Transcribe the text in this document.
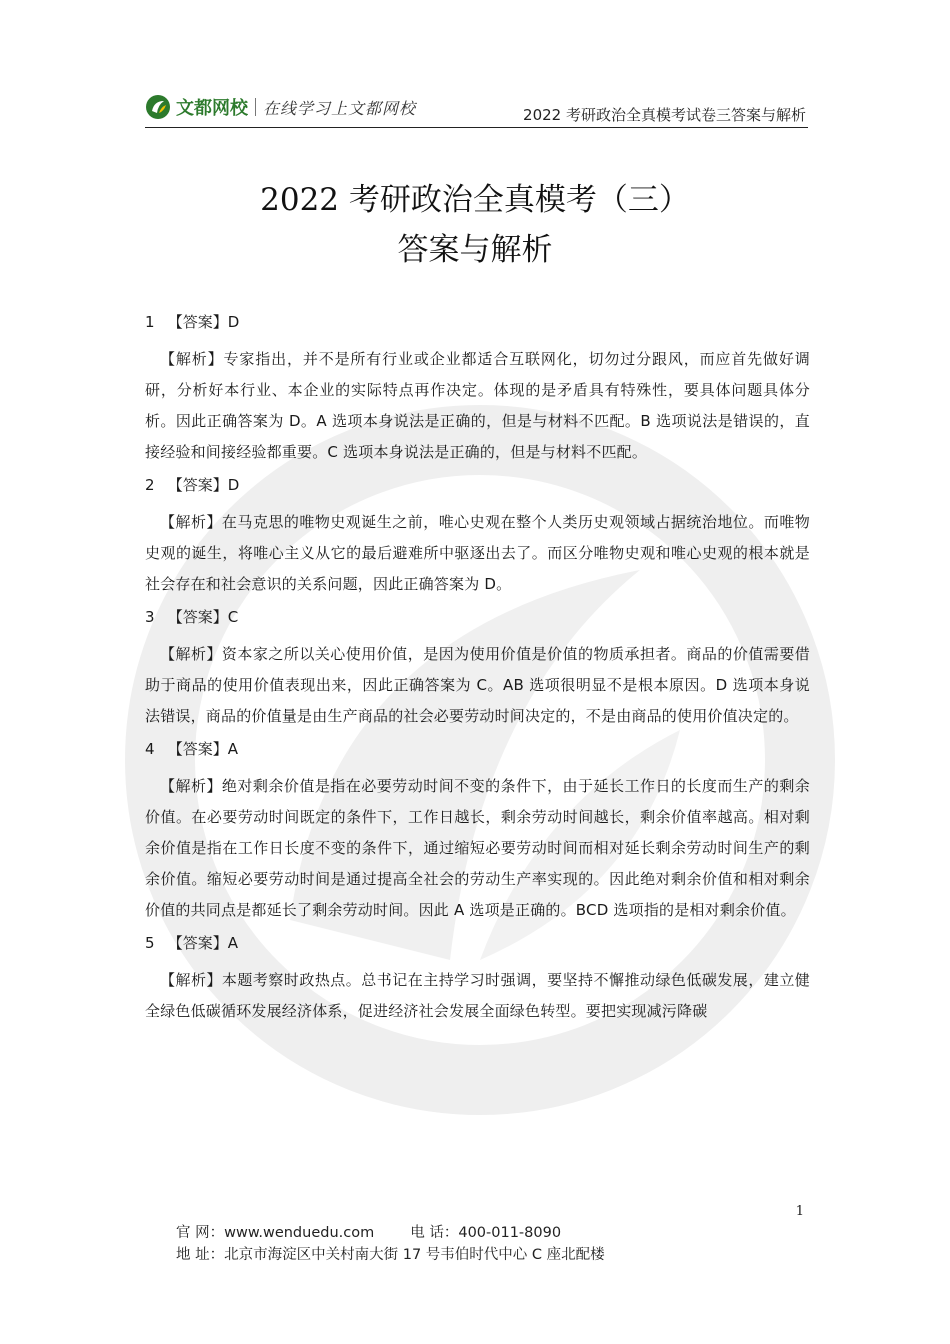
文都网校 在线学习上文都网校	2022 考研政治全真模考试卷三答案与解析
2022 考研政治全真模考（三）
答案与解析
1 【答案】D
【解析】专家指出，并不是所有行业或企业都适合互联网化，切勿过分跟风，而应首先做好调研，分析好本行业、本企业的实际特点再作决定。体现的是矛盾具有特殊性，要具体问题具体分析。因此正确答案为 D。A 选项本身说法是正确的，但是与材料不匹配。B 选项说法是错误的，直接经验和间接经验都重要。C 选项本身说法是正确的，但是与材料不匹配。
2 【答案】D
【解析】在马克思的唯物史观诞生之前，唯心史观在整个人类历史观领域占据统治地位。而唯物史观的诞生，将唯心主义从它的最后避难所中驱逐出去了。而区分唯物史观和唯心史观的根本就是社会存在和社会意识的关系问题，因此正确答案为 D。
3 【答案】C
【解析】资本家之所以关心使用价值，是因为使用价值是价值的物质承担者。商品的价值需要借助于商品的使用价值表现出来，因此正确答案为 C。AB 选项很明显不是根本原因。D 选项本身说法错误，商品的价值量是由生产商品的社会必要劳动时间决定的，不是由商品的使用价值决定的。
4 【答案】A
【解析】绝对剩余价值是指在必要劳动时间不变的条件下，由于延长工作日的长度而生产的剩余价值。在必要劳动时间既定的条件下，工作日越长，剩余劳动时间越长，剩余价值率越高。相对剩余价值是指在工作日长度不变的条件下，通过缩短必要劳动时间而相对延长剩余劳动时间生产的剩余价值。缩短必要劳动时间是通过提高全社会的劳动生产率实现的。因此绝对剩余价值和相对剩余价值的共同点是都延长了剩余劳动时间。因此 A 选项是正确的。BCD 选项指的是相对剩余价值。
5 【答案】A
【解析】本题考察时政热点。总书记在主持学习时强调，要坚持不懈推动绿色低碳发展，建立健全绿色低碳循环发展经济体系，促进经济社会发展全面绿色转型。要把实现减污降碳
1
官 网：www.wenduedu.com 电 话：400-011-8090
地 址：北京市海淀区中关村南大街 17 号韦伯时代中心 C 座北配楼
